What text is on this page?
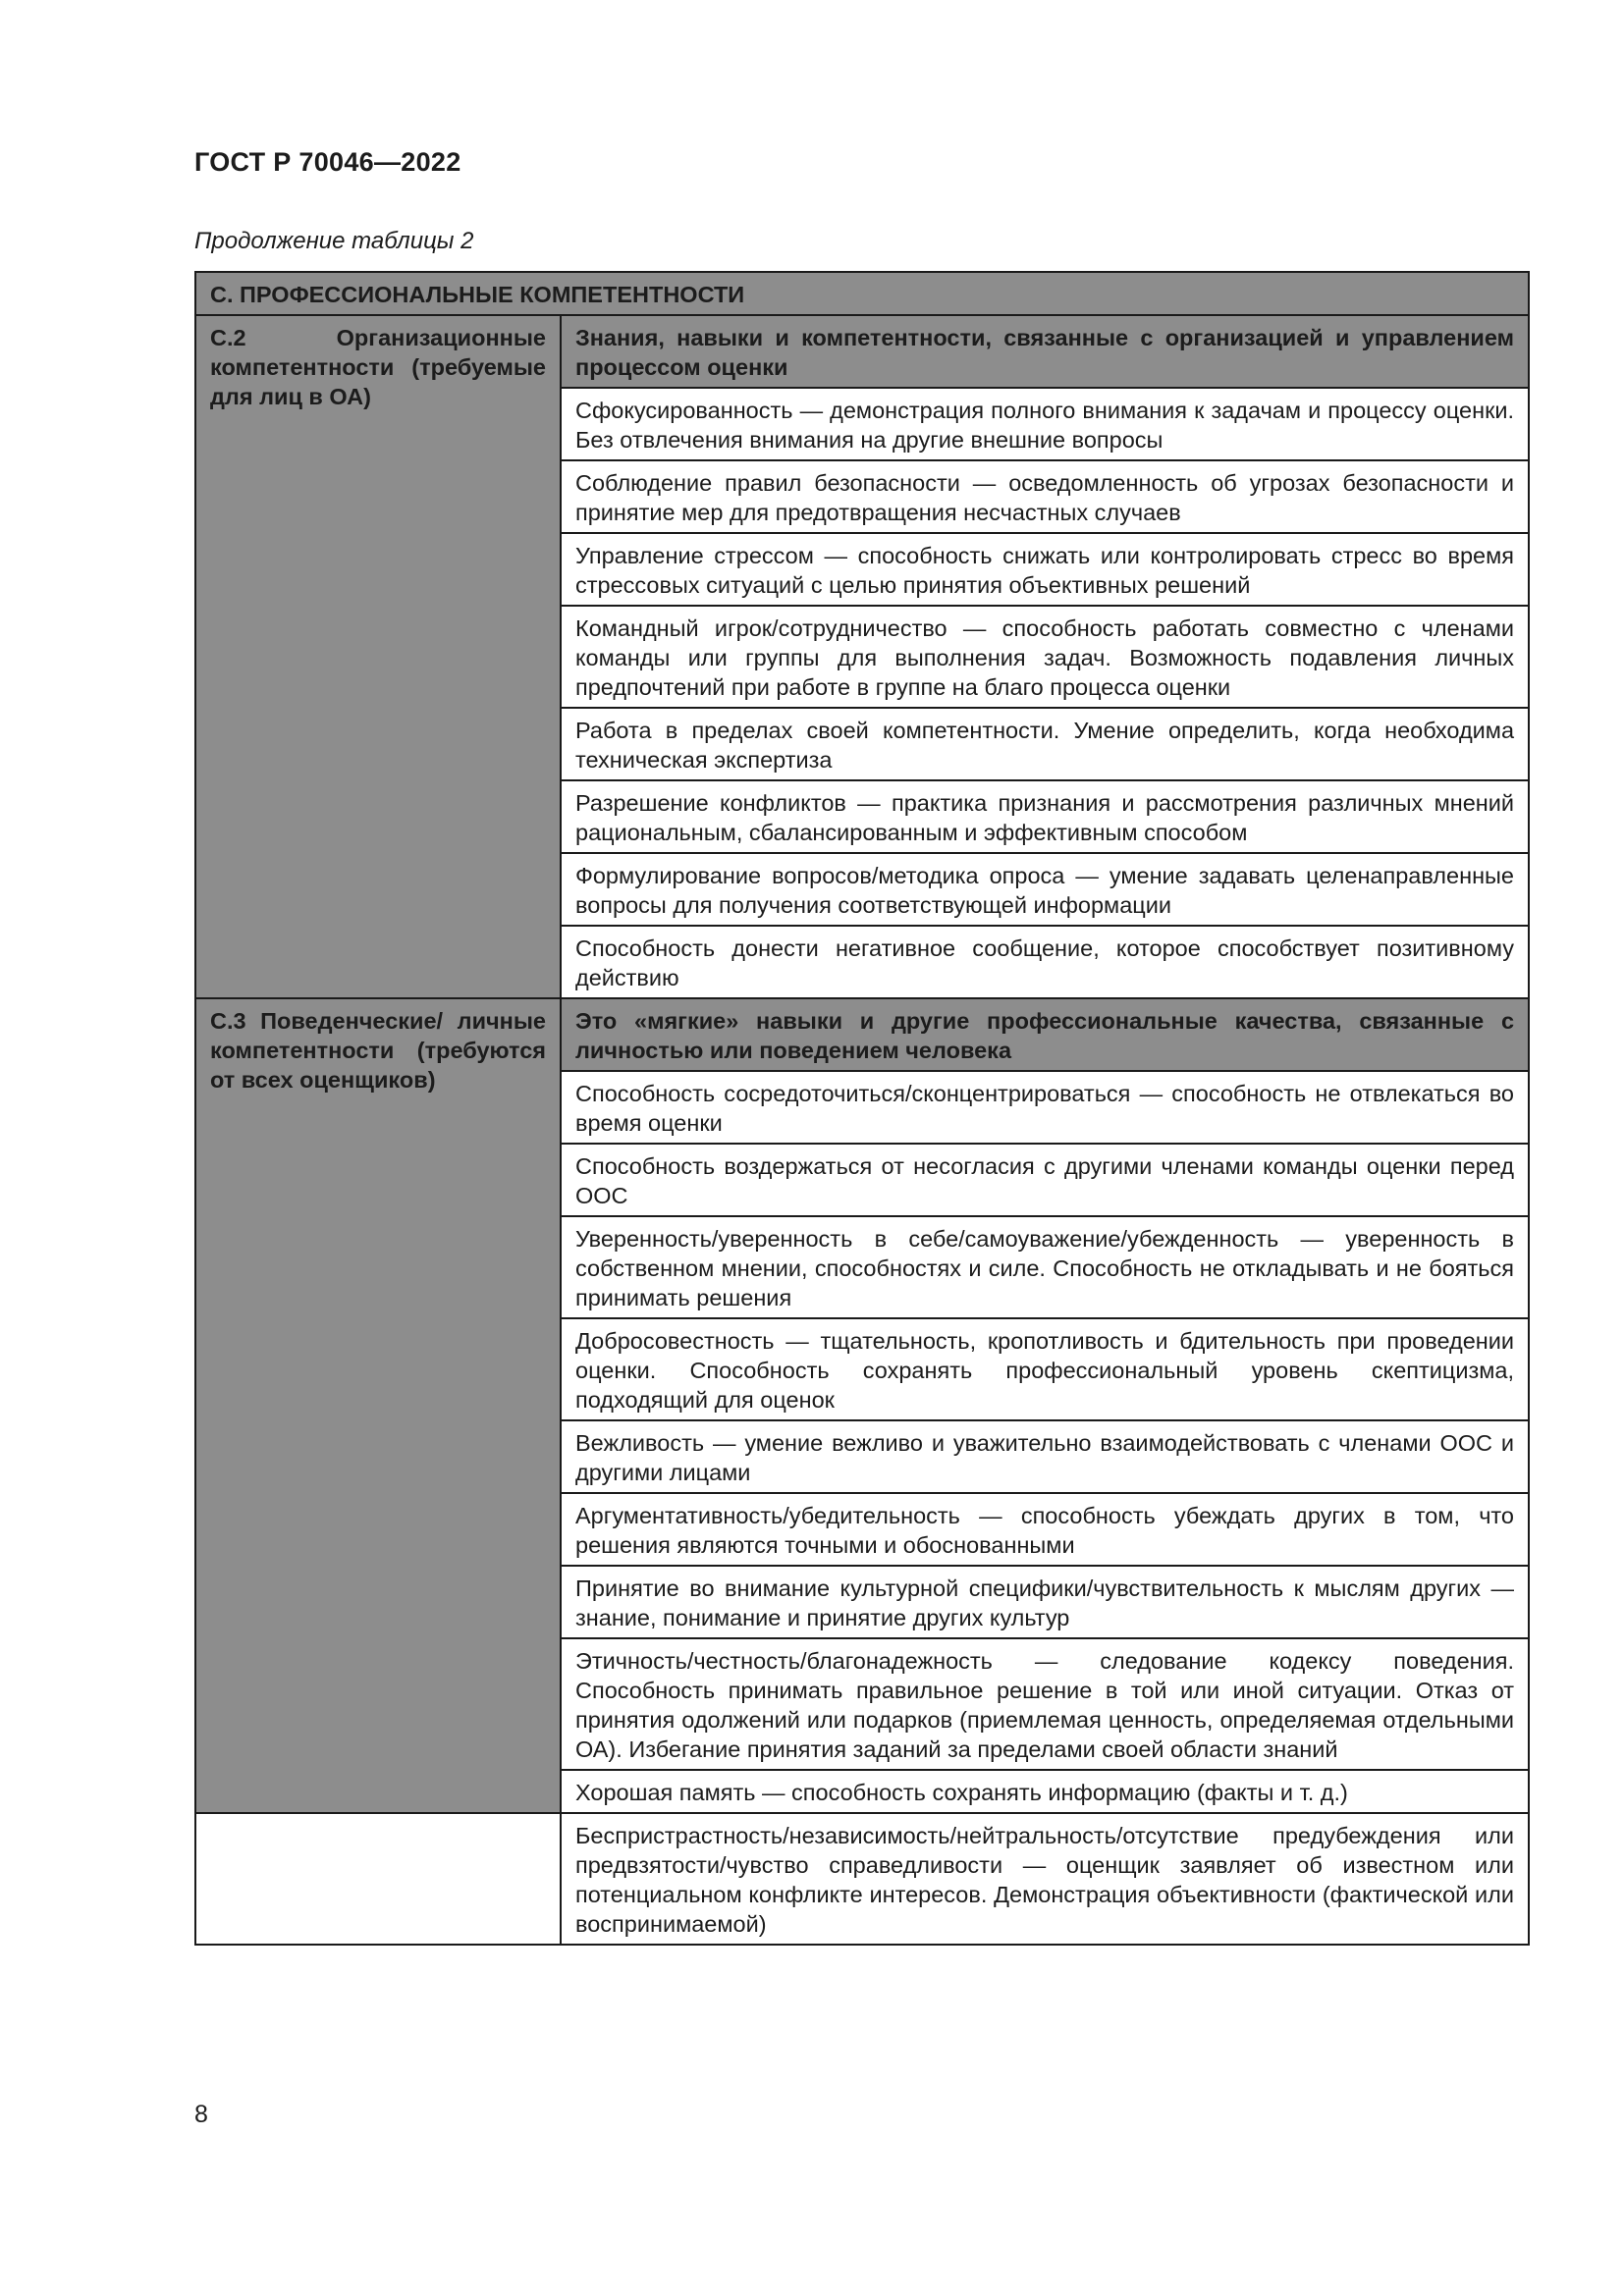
ГОСТ Р 70046—2022
Продолжение таблицы 2
С. ПРОФЕССИОНАЛЬНЫЕ КОМПЕТЕНТНОСТИ	
С.2 Организационные компетентности (требуемые для лиц в ОА)	Знания, навыки и компетентности, связанные с организацией и управлением процессом оценки
	Сфокусированность — демонстрация полного внимания к задачам и процессу оценки. Без отвлечения внимания на другие внешние вопросы
	Соблюдение правил безопасности — осведомленность об угрозах безопасности и принятие мер для предотвращения несчастных случаев
	Управление стрессом — способность снижать или контролировать стресс во время стрессовых ситуаций с целью принятия объективных решений
	Командный игрок/сотрудничество — способность работать совместно с членами команды или группы для выполнения задач. Возможность подавления личных предпочтений при работе в группе на благо процесса оценки
	Работа в пределах своей компетентности. Умение определить, когда необходима техническая экспертиза
	Разрешение конфликтов — практика признания и рассмотрения различных мнений рациональным, сбалансированным и эффективным способом
	Формулирование вопросов/методика опроса — умение задавать целенаправленные вопросы для получения соответствующей информации
	Способность донести негативное сообщение, которое способствует позитивному действию
С.3 Поведенческие/ личные компетентности (требуются от всех оценщиков)	Это «мягкие» навыки и другие профессиональные качества, связанные с личностью или поведением человека
	Способность сосредоточиться/сконцентрироваться — способность не отвлекаться во время оценки
	Способность воздержаться от несогласия с другими членами команды оценки перед ООС
	Уверенность/уверенность в себе/самоуважение/убежденность — уверенность в собственном мнении, способностях и силе. Способность не откладывать и не бояться принимать решения
	Добросовестность — тщательность, кропотливость и бдительность при проведении оценки. Способность сохранять профессиональный уровень скептицизма, подходящий для оценок
	Вежливость — умение вежливо и уважительно взаимодействовать с членами ООС и другими лицами
	Аргументативность/убедительность — способность убеждать других в том, что решения являются точными и обоснованными
	Принятие во внимание культурной специфики/чувствительность к мыслям других — знание, понимание и принятие других культур
	Этичность/честность/благонадежность — следование кодексу поведения. Способность принимать правильное решение в той или иной ситуации. Отказ от принятия одолжений или подарков (приемлемая ценность, определяемая отдельными ОА). Избегание принятия заданий за пределами своей области знаний
	Хорошая память — способность сохранять информацию (факты и т. д.)
	Беспристрастность/независимость/нейтральность/отсутствие предубеждения или предвзятости/чувство справедливости — оценщик заявляет об известном или потенциальном конфликте интересов. Демонстрация объективности (фактической или воспринимаемой)
8
